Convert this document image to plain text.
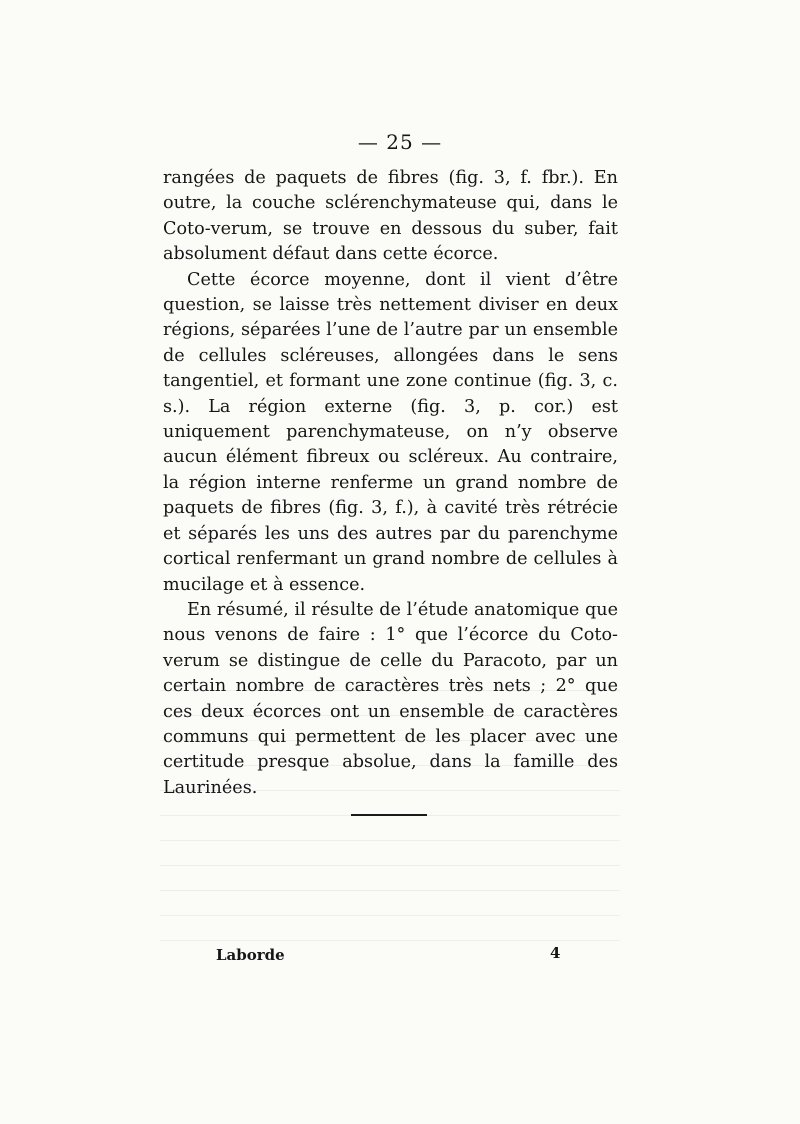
— 25 —

rangées de paquets de fibres (fig. 3, f. fbr.). En outre, la couche sclérenchymateuse qui, dans le Coto-verum, se trouve en dessous du suber, fait absolument défaut dans cette écorce.

Cette écorce moyenne, dont il vient d’être question, se laisse très nettement diviser en deux régions, séparées l’une de l’autre par un ensemble de cellules scléreuses, allongées dans le sens tangentiel, et formant une zone continue (fig. 3, c. s.). La région externe (fig. 3, p. cor.) est uniquement parenchymateuse, on n’y observe aucun élément fibreux ou scléreux. Au contraire, la région interne renferme un grand nombre de paquets de fibres (fig. 3, f.), à cavité très rétrécie et séparés les uns des autres par du parenchyme cortical renfermant un grand nombre de cellules à mucilage et à essence.

En résumé, il résulte de l’étude anatomique que nous venons de faire : 1° que l’écorce du Coto-verum se distingue de celle du Paracoto, par un certain nombre de caractères très nets ; 2° que ces deux écorces ont un ensemble de caractères communs qui permettent de les placer avec une certitude presque absolue, dans la famille des Laurinées.

Laborde	4
